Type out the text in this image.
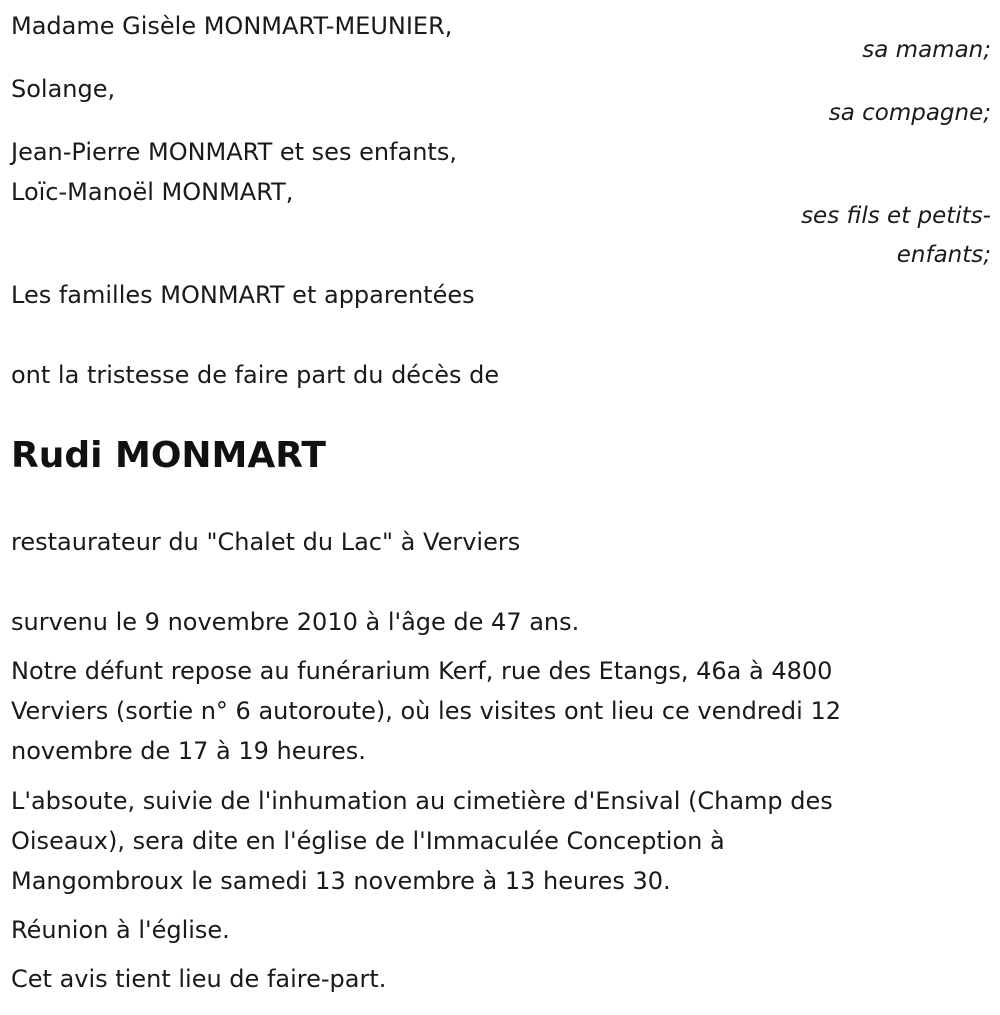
Madame Gisèle MONMART-MEUNIER,

sa maman;

Solange,

sa compagne;

Jean-Pierre MONMART et ses enfants,

Loïc-Manoël MONMART,

ses fils et petits-

enfants;

Les familles MONMART et apparentées

ont la tristesse de faire part du décès de

Rudi MONMART

restaurateur du "Chalet du Lac" à Verviers

survenu le 9 novembre 2010 à l'âge de 47 ans.

Notre défunt repose au funérarium Kerf, rue des Etangs, 46a à 4800

Verviers (sortie n° 6 autoroute), où les visites ont lieu ce vendredi 12

novembre de 17 à 19 heures.

L'absoute, suivie de l'inhumation au cimetière d'Ensival (Champ des

Oiseaux), sera dite en l'église de l'Immaculée Conception à

Mangombroux le samedi 13 novembre à 13 heures 30.

Réunion à l'église.

Cet avis tient lieu de faire-part.
